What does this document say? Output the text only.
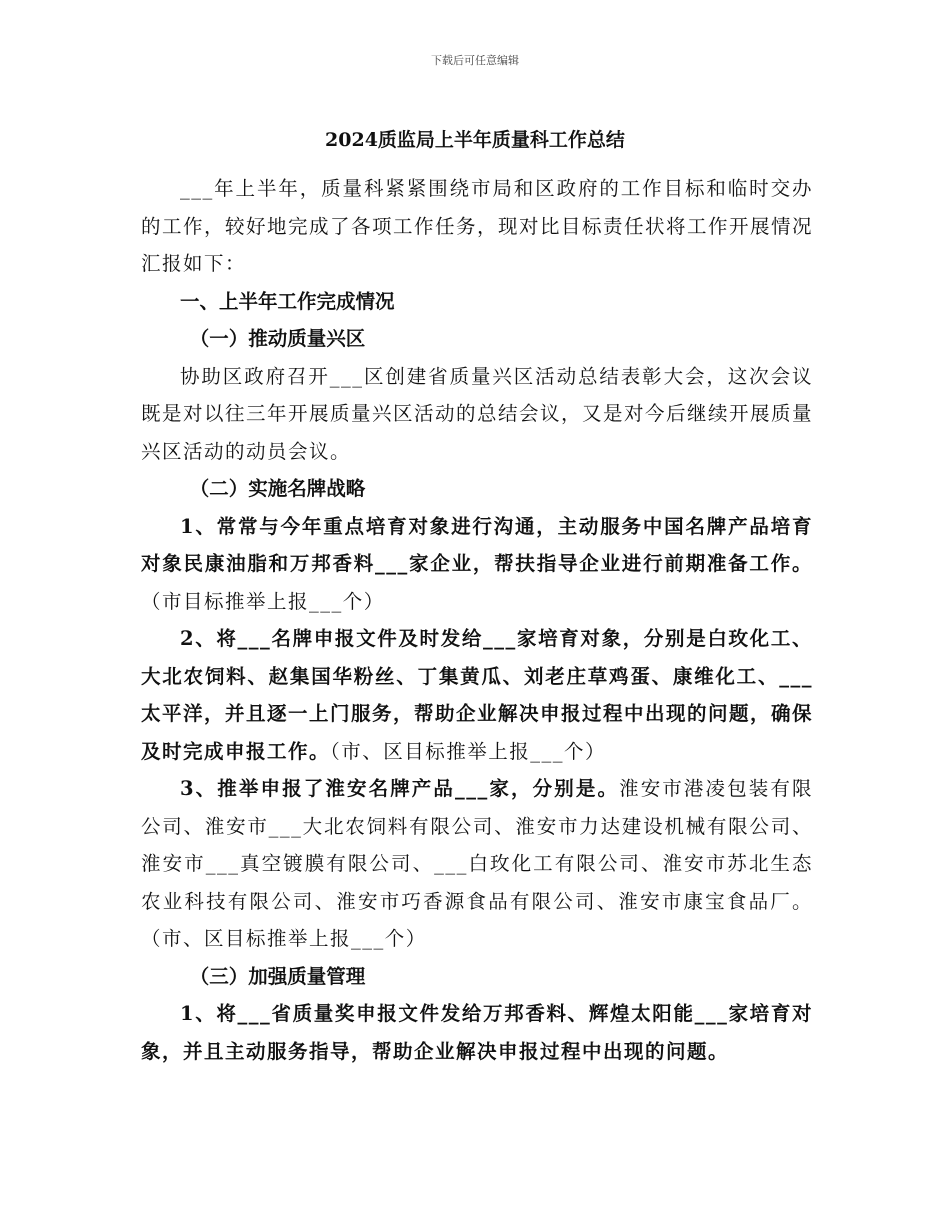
下载后可任意编辑
2024质监局上半年质量科工作总结

___年上半年，质量科紧紧围绕市局和区政府的工作目标和临时交办的工作，较好地完成了各项工作任务，现对比目标责任状将工作开展情况汇报如下：

一、上半年工作完成情况

（一）推动质量兴区

协助区政府召开___区创建省质量兴区活动总结表彰大会，这次会议既是对以往三年开展质量兴区活动的总结会议，又是对今后继续开展质量兴区活动的动员会议。

（二）实施名牌战略

1、常常与今年重点培育对象进行沟通，主动服务中国名牌产品培育对象民康油脂和万邦香料___家企业，帮扶指导企业进行前期准备工作。（市目标推举上报___个）

2、将___名牌申报文件及时发给___家培育对象，分别是白玫化工、大北农饲料、赵集国华粉丝、丁集黄瓜、刘老庄草鸡蛋、康维化工、___太平洋，并且逐一上门服务，帮助企业解决申报过程中出现的问题，确保及时完成申报工作。（市、区目标推举上报___个）

3、推举申报了淮安名牌产品___家，分别是。淮安市港凌包装有限公司、淮安市___大北农饲料有限公司、淮安市力达建设机械有限公司、淮安市___真空镀膜有限公司、___白玫化工有限公司、淮安市苏北生态农业科技有限公司、淮安市巧香源食品有限公司、淮安市康宝食品厂。（市、区目标推举上报___个）

（三）加强质量管理

1、将___省质量奖申报文件发给万邦香料、辉煌太阳能___家培育对象，并且主动服务指导，帮助企业解决申报过程中出现的问题。
